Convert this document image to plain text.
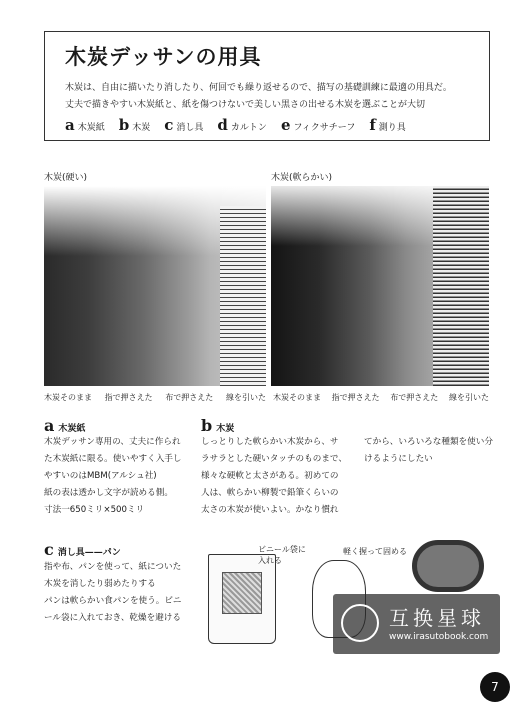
木炭デッサンの用具
木炭は、自由に描いたり消したり、何回でも繰り返せるので、描写の基礎訓練に最適の用具だ。
丈夫で描きやすい木炭紙と、紙を傷つけないで美しい黒さの出せる木炭を選ぶことが大切
a 木炭紙 b 木炭 c 消し具 d カルトン e フィクサチーフ f 測り具
木炭(硬い)	木炭(軟らかい)
木炭そのまま 指で押さえた 布で押さえた 線を引いた 木炭そのまま 指で押さえた 布で押さえた 線を引いた
a 木炭紙
木炭デッサン専用の、丈夫に作られ
た木炭紙に限る。使いやすく入手し
やすいのはMBM(アルシュ社)
紙の表は透かし文字が読める側。
寸法一650ミリ×500ミリ
b 木炭
しっとりした軟らかい木炭から、サ
ラサラとした硬いタッチのものまで、
様々な硬軟と太さがある。初めての
人は、軟らかい柳製で鉛筆くらいの
太さの木炭が使いよい。かなり慣れ
てから、いろいろな種類を使い分
けるようにしたい
c 消し具——パン
指や布、パンを使って、紙についた
木炭を消したり弱めたりする
パンは軟らかい食パンを使う。ビニ
ール袋に入れておき、乾燥を避ける
ビニール袋に
入れる
軽く握って固める
互换星球
www.irasutobook.com
7
